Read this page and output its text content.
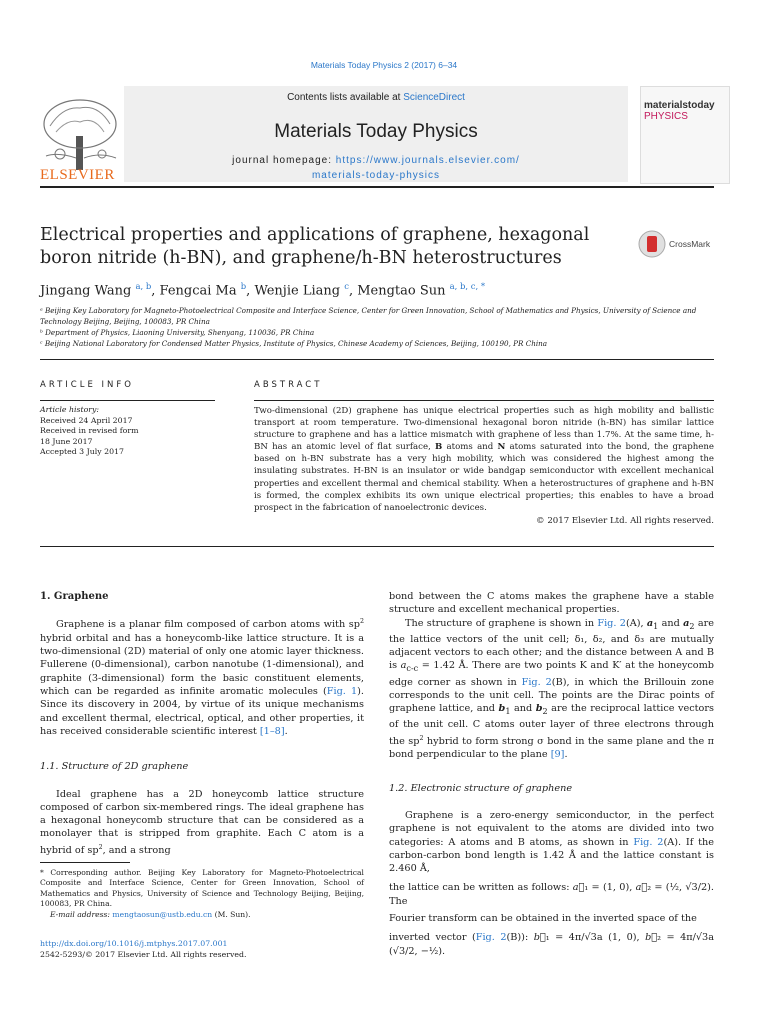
Materials Today Physics 2 (2017) 6–34
ELSEVIER
Contents lists available at ScienceDirect
Materials Today Physics
journal homepage: https://www.journals.elsevier.com/
materials-today-physics
materialstoday
PHYSICS
Electrical properties and applications of graphene, hexagonal boron nitride (h-BN), and graphene/h-BN heterostructures
CrossMark
Jingang Wang $^{a, b}$, Fengcai Ma $^b$, Wenjie Liang $^c$, Mengtao Sun $^{a, b, c, *}$
ᵃ Beijing Key Laboratory for Magneto-Photoelectrical Composite and Interface Science, Center for Green Innovation, School of Mathematics and Physics, University of Science and Technology Beijing, Beijing, 100083, PR China
ᵇ Department of Physics, Liaoning University, Shenyang, 110036, PR China
ᶜ Beijing National Laboratory for Condensed Matter Physics, Institute of Physics, Chinese Academy of Sciences, Beijing, 100190, PR China
ARTICLE INFO
Article history:
Received 24 April 2017
Received in revised form
18 June 2017
Accepted 3 July 2017
ABSTRACT
Two-dimensional (2D) graphene has unique electrical properties such as high mobility and ballistic transport at room temperature. Two-dimensional hexagonal boron nitride (h-BN) has similar lattice structure to graphene and has a lattice mismatch with graphene of less than 1.7%. At the same time, h-BN has an atomic level of flat surface, B atoms and N atoms saturated into the bond, the graphene based on h-BN substrate has a very high mobility, which was considered the highest among the insulating substrates. H-BN is an insulator or wide bandgap semiconductor with excellent mechanical properties and excellent thermal and chemical stability. When a heterostructures of graphene and h-BN is formed, the complex exhibits its own unique electrical properties; this enables to have a broad prospect in the fabrication of nanoelectronic devices.
© 2017 Elsevier Ltd. All rights reserved.
1. Graphene

Graphene is a planar film composed of carbon atoms with $sp^2$ hybrid orbital and has a honeycomb-like lattice structure. It is a two-dimensional (2D) material of only one atomic layer thickness. Fullerene (0-dimensional), carbon nanotube (1-dimensional), and graphite (3-dimensional) form the basic constituent elements, which can be regarded as infinite aromatic molecules (Fig. 1). Since its discovery in 2004, by virtue of its unique mechanisms and excellent thermal, electrical, optical, and other properties, it has received considerable scientific interest [1–8].

1.1. Structure of 2D graphene

Ideal graphene has a 2D honeycomb lattice structure composed of carbon six-membered rings. The ideal graphene has a hexagonal honeycomb structure that can be considered as a monolayer that is stripped from graphite. Each C atom is a hybrid of $sp^2$, and a strong

bond between the C atoms makes the graphene have a stable structure and excellent mechanical properties.

The structure of graphene is shown in Fig. 2(A), $a_1$ and $a_2$ are the lattice vectors of the unit cell; δ₁, δ₂, and δ₃ are mutually adjacent vectors to each other; and the distance between A and B is $a_{c-c} = 1.42$ Å. There are two points K and K′ at the honeycomb edge corner as shown in Fig. 2(B), in which the Brillouin zone corresponds to the unit cell. The points are the Dirac points of graphene lattice, and $b_1$ and $b_2$ are the reciprocal lattice vectors of the unit cell. C atoms outer layer of three electrons through the $sp^2$ hybrid to form strong σ bond in the same plane and the π bond perpendicular to the plane [9].

1.2. Electronic structure of graphene

Graphene is a zero-energy semiconductor, in the perfect graphene is not equivalent to the atoms are divided into two categories: A atoms and B atoms, as shown in Fig. 2(A). If the carbon-carbon bond length is 1.42 Å and the lattice constant is 2.460 Å,

the lattice can be written as follows: a⃗₁ = (1, 0), a⃗₂ = (½, √3/2). The

Fourier transform can be obtained in the inverted space of the

inverted vector (Fig. 2(B)): b⃗₁ = 4π/√3a (1, 0), b⃗₂ = 4π/√3a (√3/2, −½).

* Corresponding author. Beijing Key Laboratory for Magneto-Photoelectrical Composite and Interface Science, Center for Green Innovation, School of Mathematics and Physics, University of Science and Technology Beijing, Beijing, 100083, PR China.
E-mail address: mengtaosun@ustb.edu.cn (M. Sun).
http://dx.doi.org/10.1016/j.mtphys.2017.07.001
2542-5293/© 2017 Elsevier Ltd. All rights reserved.
